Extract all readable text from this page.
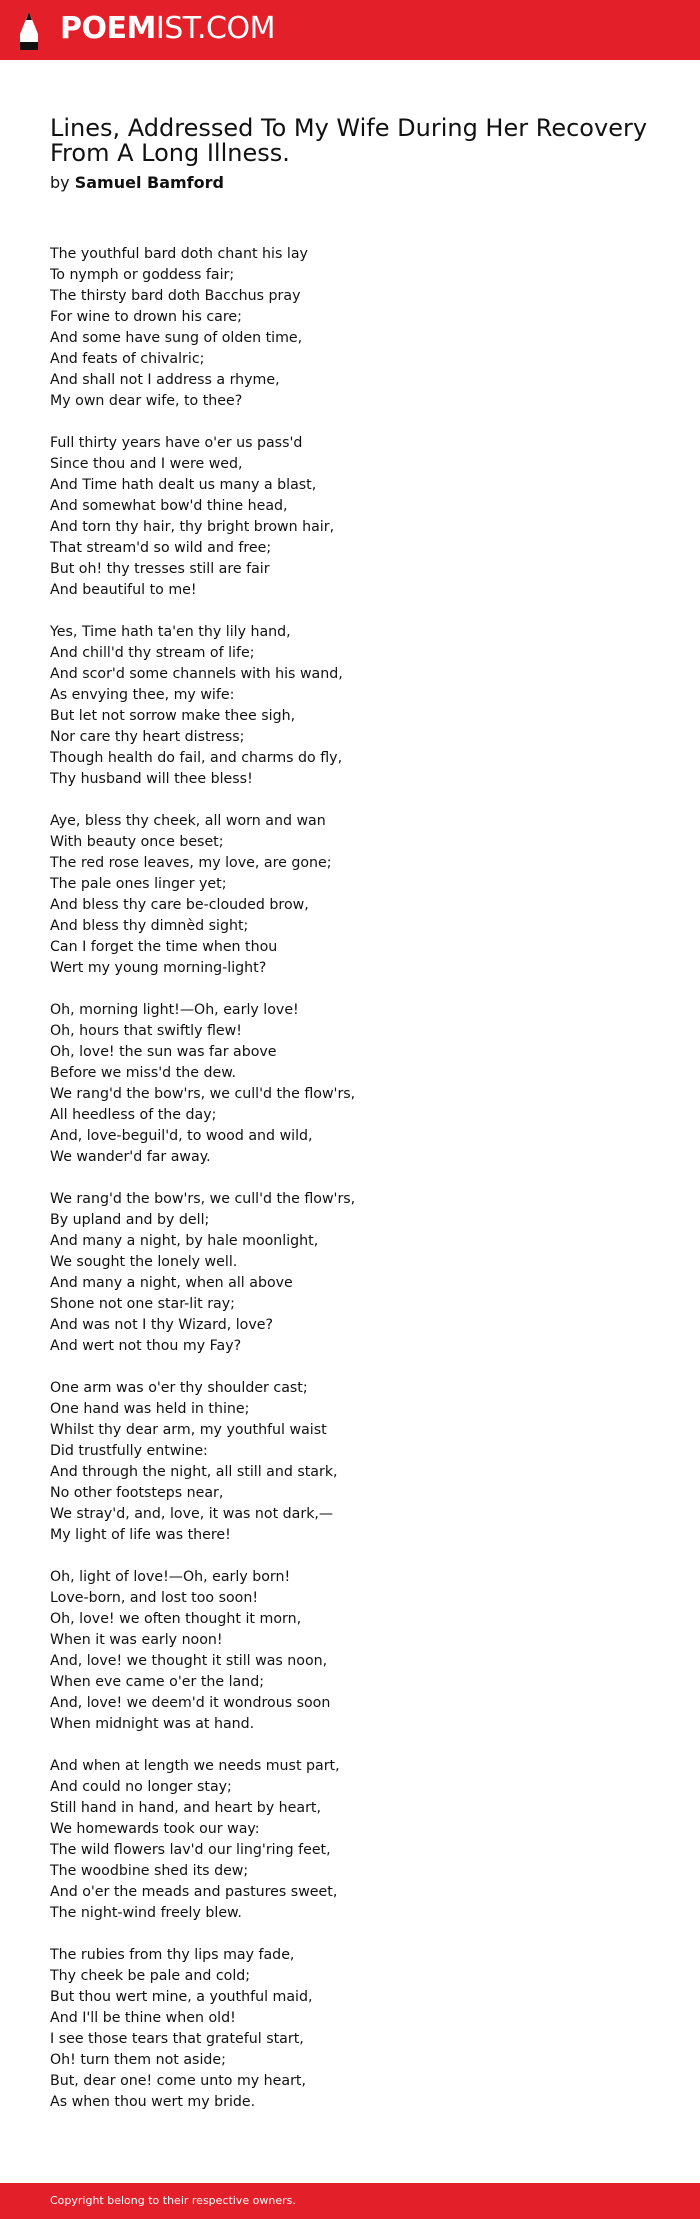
POEMIST.COM
Lines, Addressed To My Wife During Her Recovery From A Long Illness.
by Samuel Bamford
The youthful bard doth chant his lay
To nymph or goddess fair;
The thirsty bard doth Bacchus pray
For wine to drown his care;
And some have sung of olden time,
And feats of chivalric;
And shall not I address a rhyme,
My own dear wife, to thee?
Full thirty years have o'er us pass'd
Since thou and I were wed,
And Time hath dealt us many a blast,
And somewhat bow'd thine head,
And torn thy hair, thy bright brown hair,
That stream'd so wild and free;
But oh! thy tresses still are fair
And beautiful to me!
Yes, Time hath ta'en thy lily hand,
And chill'd thy stream of life;
And scor'd some channels with his wand,
As envying thee, my wife:
But let not sorrow make thee sigh,
Nor care thy heart distress;
Though health do fail, and charms do fly,
Thy husband will thee bless!
Aye, bless thy cheek, all worn and wan
With beauty once beset;
The red rose leaves, my love, are gone;
The pale ones linger yet;
And bless thy care be-clouded brow,
And bless thy dimnèd sight;
Can I forget the time when thou
Wert my young morning-light?
Oh, morning light!—Oh, early love!
Oh, hours that swiftly flew!
Oh, love! the sun was far above
Before we miss'd the dew.
We rang'd the bow'rs, we cull'd the flow'rs,
All heedless of the day;
And, love-beguil'd, to wood and wild,
We wander'd far away.
We rang'd the bow'rs, we cull'd the flow'rs,
By upland and by dell;
And many a night, by hale moonlight,
We sought the lonely well.
And many a night, when all above
Shone not one star-lit ray;
And was not I thy Wizard, love?
And wert not thou my Fay?
One arm was o'er thy shoulder cast;
One hand was held in thine;
Whilst thy dear arm, my youthful waist
Did trustfully entwine:
And through the night, all still and stark,
No other footsteps near,
We stray'd, and, love, it was not dark,—
My light of life was there!
Oh, light of love!—Oh, early born!
Love-born, and lost too soon!
Oh, love! we often thought it morn,
When it was early noon!
And, love! we thought it still was noon,
When eve came o'er the land;
And, love! we deem'd it wondrous soon
When midnight was at hand.
And when at length we needs must part,
And could no longer stay;
Still hand in hand, and heart by heart,
We homewards took our way:
The wild flowers lav'd our ling'ring feet,
The woodbine shed its dew;
And o'er the meads and pastures sweet,
The night-wind freely blew.
The rubies from thy lips may fade,
Thy cheek be pale and cold;
But thou wert mine, a youthful maid,
And I'll be thine when old!
I see those tears that grateful start,
Oh! turn them not aside;
But, dear one! come unto my heart,
As when thou wert my bride.
Copyright belong to their respective owners.
